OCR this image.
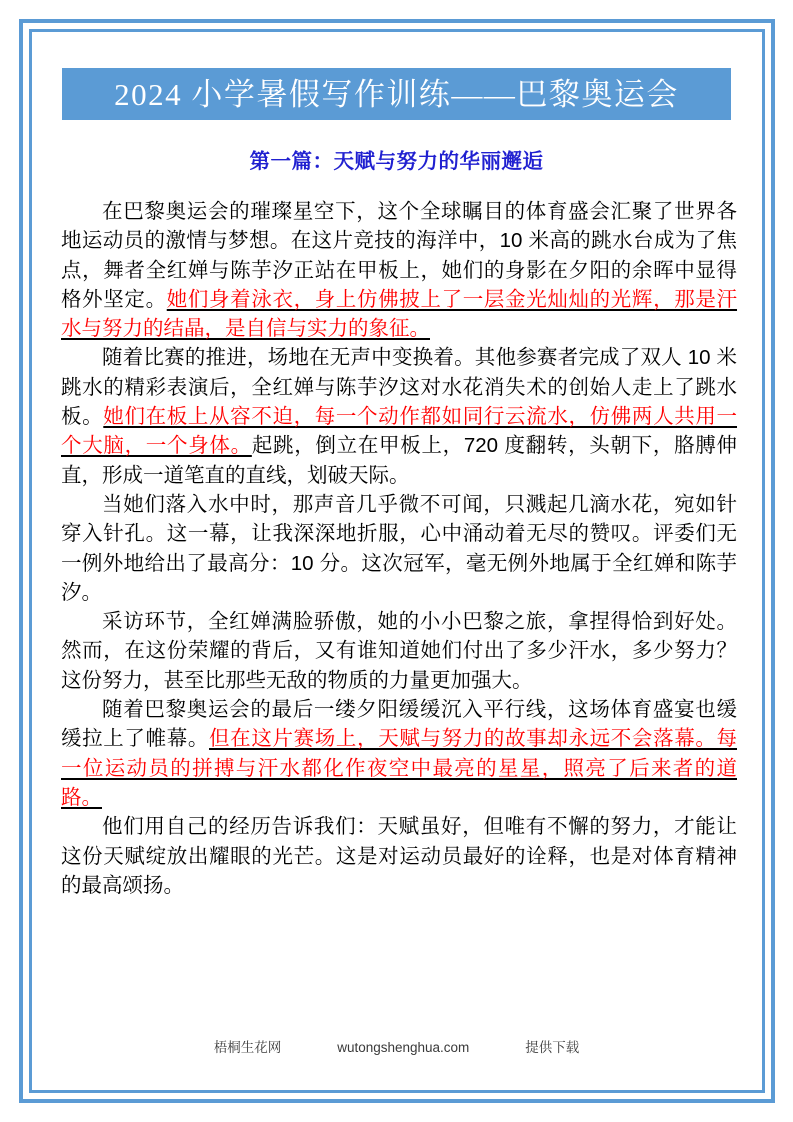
2024 小学暑假写作训练——巴黎奥运会
第一篇：天赋与努力的华丽邂逅

在巴黎奥运会的璀璨星空下，这个全球瞩目的体育盛会汇聚了世界各地运动员的激情与梦想。在这片竞技的海洋中，10 米高的跳水台成为了焦点，舞者全红婵与陈芋汐正站在甲板上，她们的身影在夕阳的余晖中显得格外坚定。她们身着泳衣，身上仿佛披上了一层金光灿灿的光辉，那是汗水与努力的结晶，是自信与实力的象征。

随着比赛的推进，场地在无声中变换着。其他参赛者完成了双人 10 米跳水的精彩表演后，全红婵与陈芋汐这对水花消失术的创始人走上了跳水板。她们在板上从容不迫，每一个动作都如同行云流水，仿佛两人共用一个大脑，一个身体。起跳，倒立在甲板上，720 度翻转，头朝下，胳膊伸直，形成一道笔直的直线，划破天际。

当她们落入水中时，那声音几乎微不可闻，只溅起几滴水花，宛如针穿入针孔。这一幕，让我深深地折服，心中涌动着无尽的赞叹。评委们无一例外地给出了最高分：10 分。这次冠军，毫无例外地属于全红婵和陈芋汐。

采访环节，全红婵满脸骄傲，她的小小巴黎之旅，拿捏得恰到好处。然而，在这份荣耀的背后，又有谁知道她们付出了多少汗水，多少努力？这份努力，甚至比那些无敌的物质的力量更加强大。

随着巴黎奥运会的最后一缕夕阳缓缓沉入平行线，这场体育盛宴也缓缓拉上了帷幕。但在这片赛场上，天赋与努力的故事却永远不会落幕。每一位运动员的拼搏与汗水都化作夜空中最亮的星星，照亮了后来者的道路。

他们用自己的经历告诉我们：天赋虽好，但唯有不懈的努力，才能让这份天赋绽放出耀眼的光芒。这是对运动员最好的诠释，也是对体育精神的最高颂扬。

梧桐生花网	wutongshenghua.com	提供下载
